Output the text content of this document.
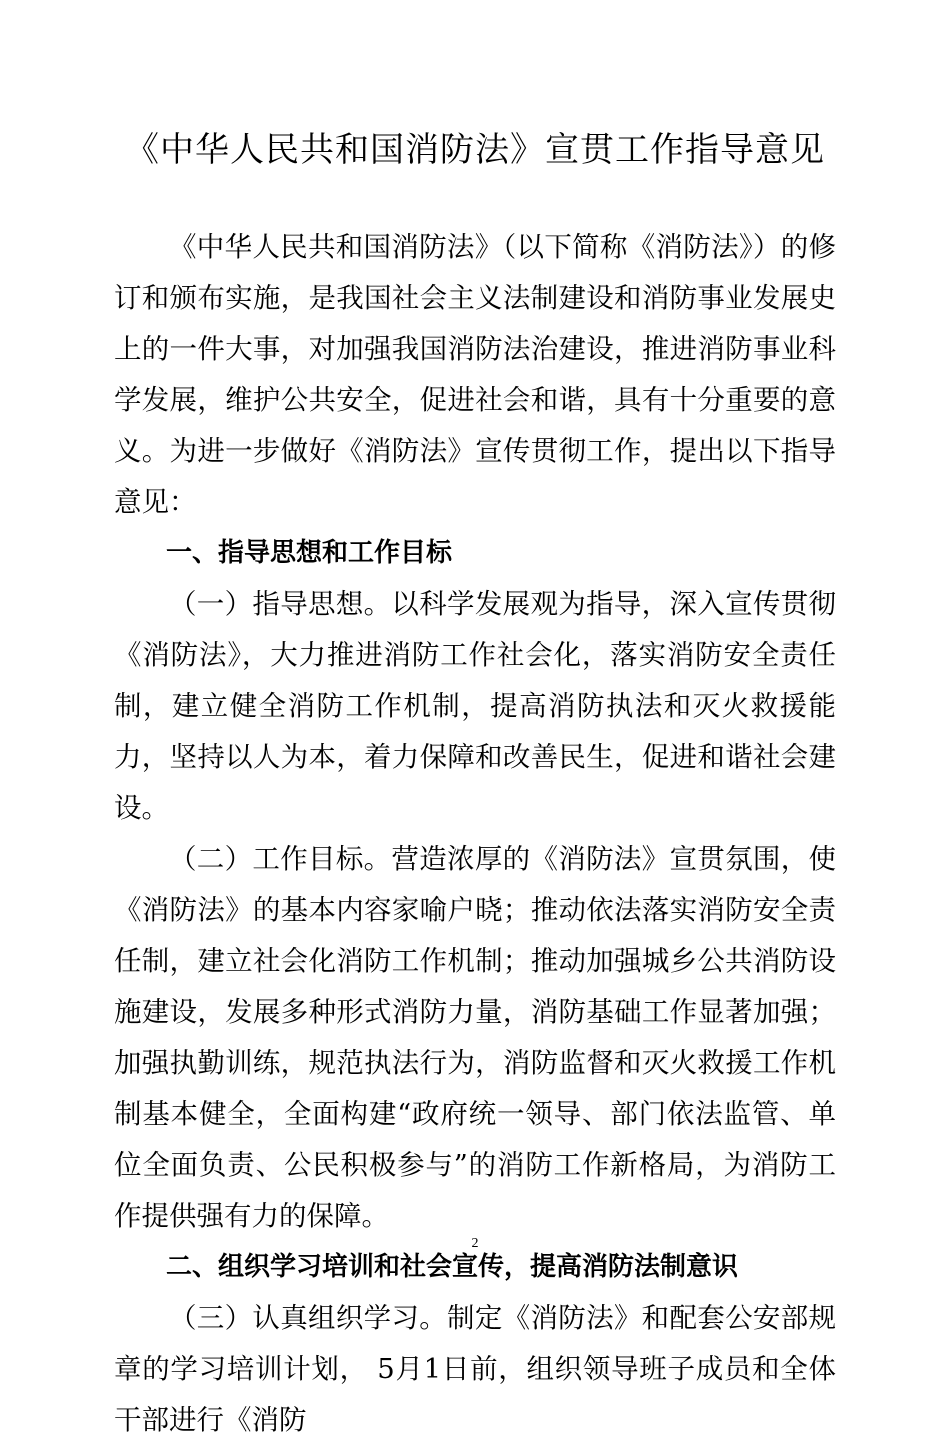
《中华人民共和国消防法》宣贯工作指导意见

《中华人民共和国消防法》（以下简称《消防法》）的修订和颁布实施，是我国社会主义法制建设和消防事业发展史上的一件大事，对加强我国消防法治建设，推进消防事业科学发展，维护公共安全，促进社会和谐，具有十分重要的意义。为进一步做好《消防法》宣传贯彻工作，提出以下指导意见：

一、指导思想和工作目标

（一）指导思想。以科学发展观为指导，深入宣传贯彻《消防法》，大力推进消防工作社会化，落实消防安全责任制，建立健全消防工作机制，提高消防执法和灭火救援能力，坚持以人为本，着力保障和改善民生，促进和谐社会建设。

（二）工作目标。营造浓厚的《消防法》宣贯氛围，使《消防法》的基本内容家喻户晓；推动依法落实消防安全责任制，建立社会化消防工作机制；推动加强城乡公共消防设施建设，发展多种形式消防力量，消防基础工作显著加强；加强执勤训练，规范执法行为，消防监督和灭火救援工作机制基本健全，全面构建“政府统一领导、部门依法监管、单位全面负责、公民积极参与”的消防工作新格局，为消防工作提供强有力的保障。

二、组织学习培训和社会宣传，提高消防法制意识

（三）认真组织学习。制定《消防法》和配套公安部规章的学习培训计划， 5月1日前，组织领导班子成员和全体干部进行《消防

2
